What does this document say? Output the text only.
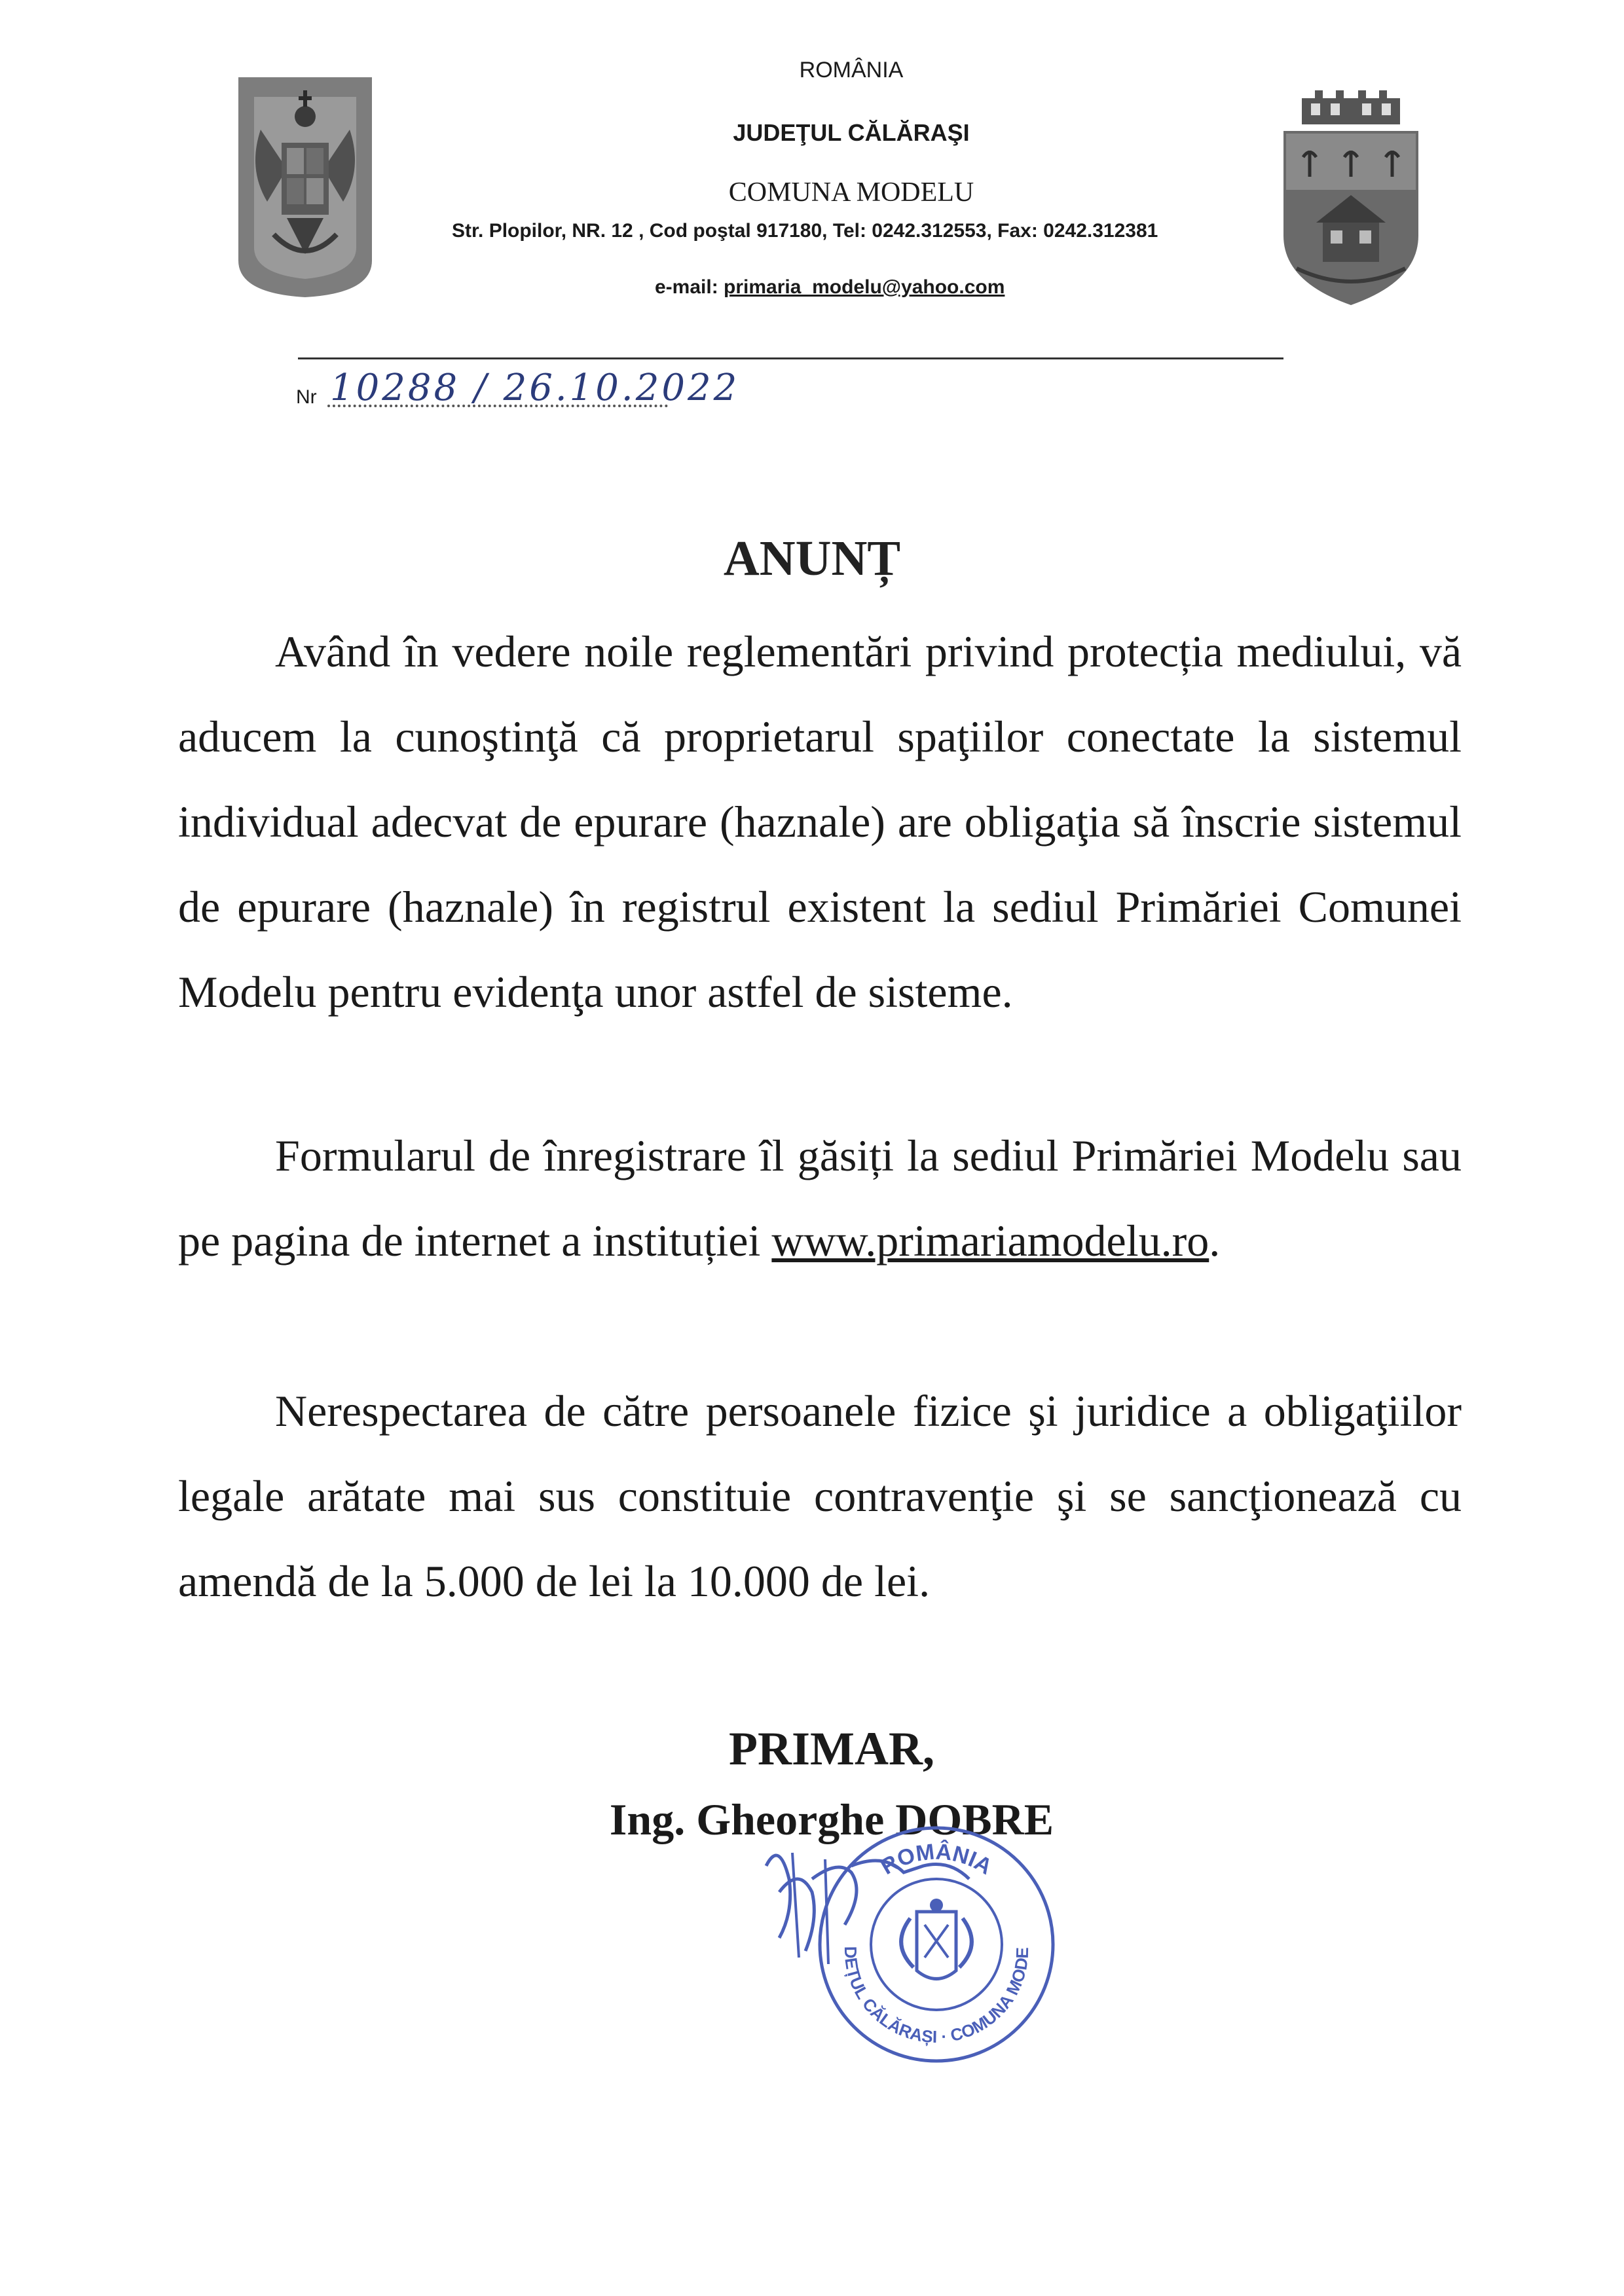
ROMÂNIA
JUDEŢUL CĂLĂRAŞI
COMUNA MODELU
Str. Plopilor, NR. 12 , Cod poştal 917180, Tel: 0242.312553, Fax: 0242.312381
e-mail: primaria_modelu@yahoo.com
Nr 10288 / 26.10.2022
ANUNȚ
Având în vedere noile reglementări privind protecția mediului, vă aducem la cunoştinţă că proprietarul spaţiilor conectate la sistemul individual adecvat de epurare (haznale) are obligaţia să înscrie sistemul de epurare (haznale) în registrul existent la sediul Primăriei Comunei Modelu pentru evidenţa unor astfel de sisteme.
Formularul de înregistrare îl găsiți la sediul Primăriei Modelu sau pe pagina de internet a instituției www.primariamodelu.ro.
Nerespectarea de către persoanele fizice şi juridice a obligaţiilor legale arătate mai sus constituie contravenţie şi se sancţionează cu amendă de la 5.000 de lei la 10.000 de lei.
PRIMAR,
Ing. Gheorghe DOBRE
ROMÂNIA
DEȚUL CĂLĂRAȘI · COMUNA MODE
